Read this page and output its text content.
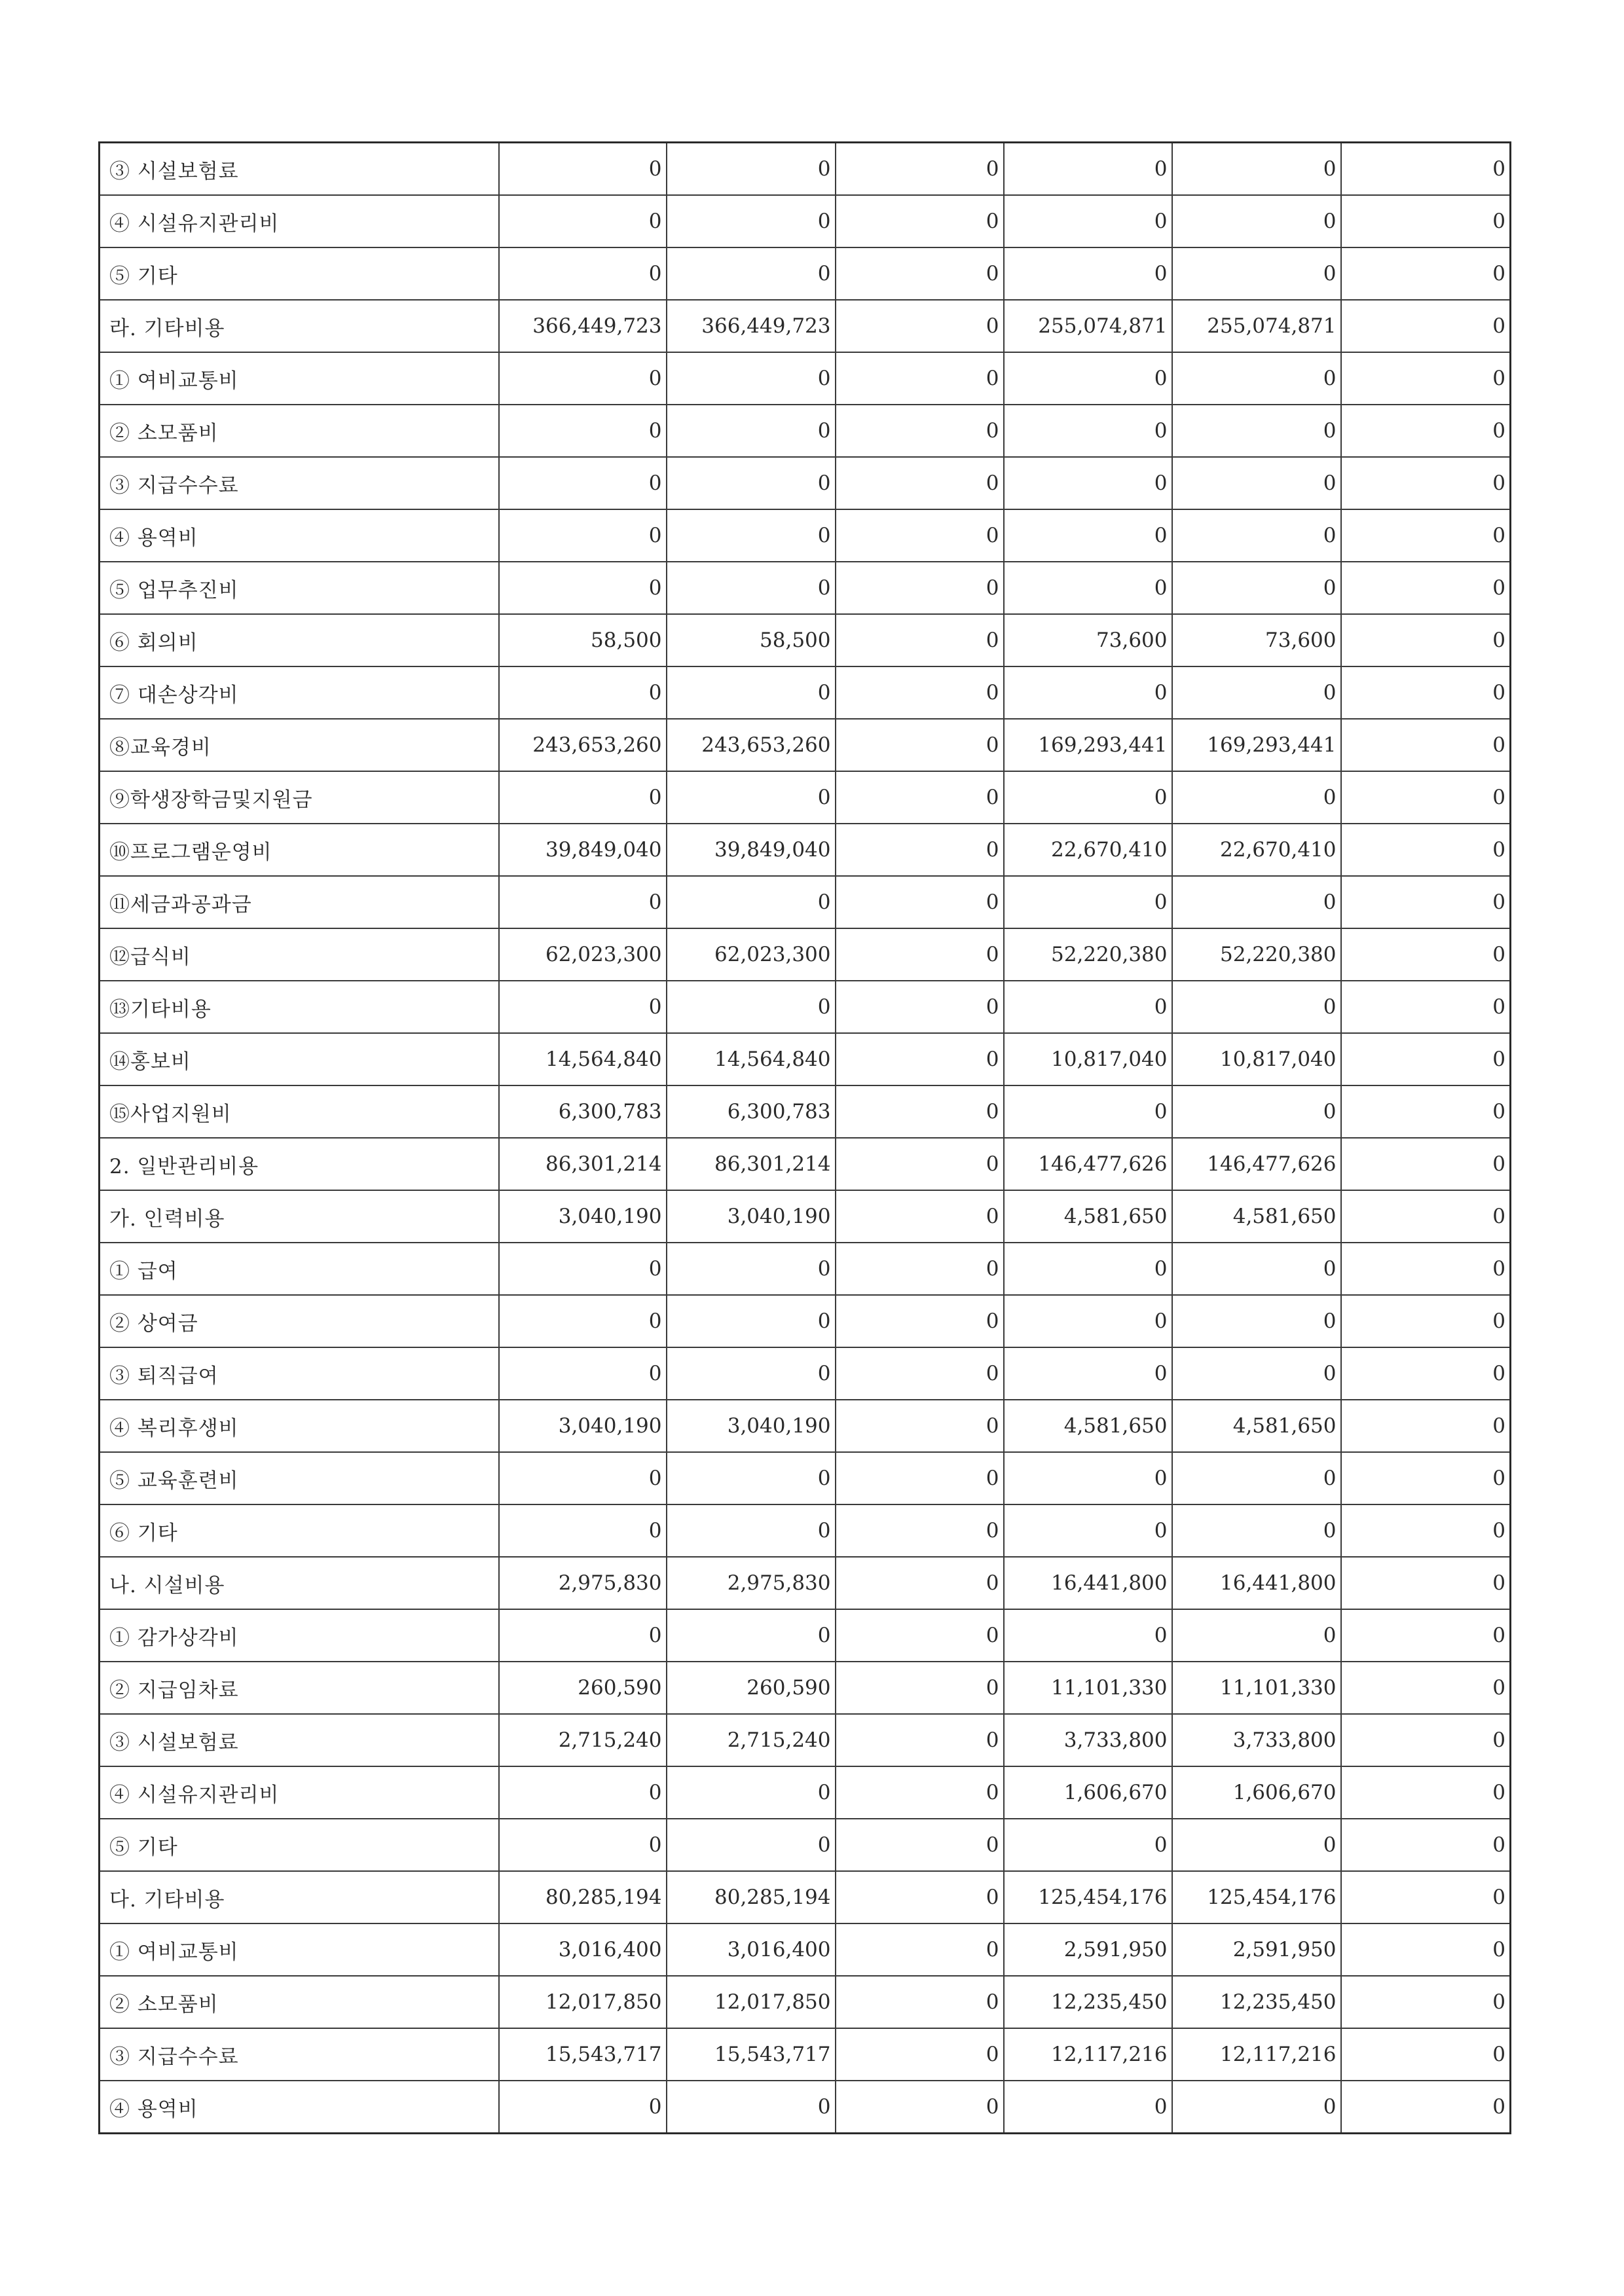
③ 시설보험료	0	0	0	0	0	0
④ 시설유지관리비	0	0	0	0	0	0
⑤ 기타	0	0	0	0	0	0
라. 기타비용	366,449,723	366,449,723	0	255,074,871	255,074,871	0
① 여비교통비	0	0	0	0	0	0
② 소모품비	0	0	0	0	0	0
③ 지급수수료	0	0	0	0	0	0
④ 용역비	0	0	0	0	0	0
⑤ 업무추진비	0	0	0	0	0	0
⑥ 회의비	58,500	58,500	0	73,600	73,600	0
⑦ 대손상각비	0	0	0	0	0	0
⑧교육경비	243,653,260	243,653,260	0	169,293,441	169,293,441	0
⑨학생장학금및지원금	0	0	0	0	0	0
⑩프로그램운영비	39,849,040	39,849,040	0	22,670,410	22,670,410	0
⑪세금과공과금	0	0	0	0	0	0
⑫급식비	62,023,300	62,023,300	0	52,220,380	52,220,380	0
⑬기타비용	0	0	0	0	0	0
⑭홍보비	14,564,840	14,564,840	0	10,817,040	10,817,040	0
⑮사업지원비	6,300,783	6,300,783	0	0	0	0
2. 일반관리비용	86,301,214	86,301,214	0	146,477,626	146,477,626	0
가. 인력비용	3,040,190	3,040,190	0	4,581,650	4,581,650	0
① 급여	0	0	0	0	0	0
② 상여금	0	0	0	0	0	0
③ 퇴직급여	0	0	0	0	0	0
④ 복리후생비	3,040,190	3,040,190	0	4,581,650	4,581,650	0
⑤ 교육훈련비	0	0	0	0	0	0
⑥ 기타	0	0	0	0	0	0
나. 시설비용	2,975,830	2,975,830	0	16,441,800	16,441,800	0
① 감가상각비	0	0	0	0	0	0
② 지급임차료	260,590	260,590	0	11,101,330	11,101,330	0
③ 시설보험료	2,715,240	2,715,240	0	3,733,800	3,733,800	0
④ 시설유지관리비	0	0	0	1,606,670	1,606,670	0
⑤ 기타	0	0	0	0	0	0
다. 기타비용	80,285,194	80,285,194	0	125,454,176	125,454,176	0
① 여비교통비	3,016,400	3,016,400	0	2,591,950	2,591,950	0
② 소모품비	12,017,850	12,017,850	0	12,235,450	12,235,450	0
③ 지급수수료	15,543,717	15,543,717	0	12,117,216	12,117,216	0
④ 용역비	0	0	0	0	0	0
